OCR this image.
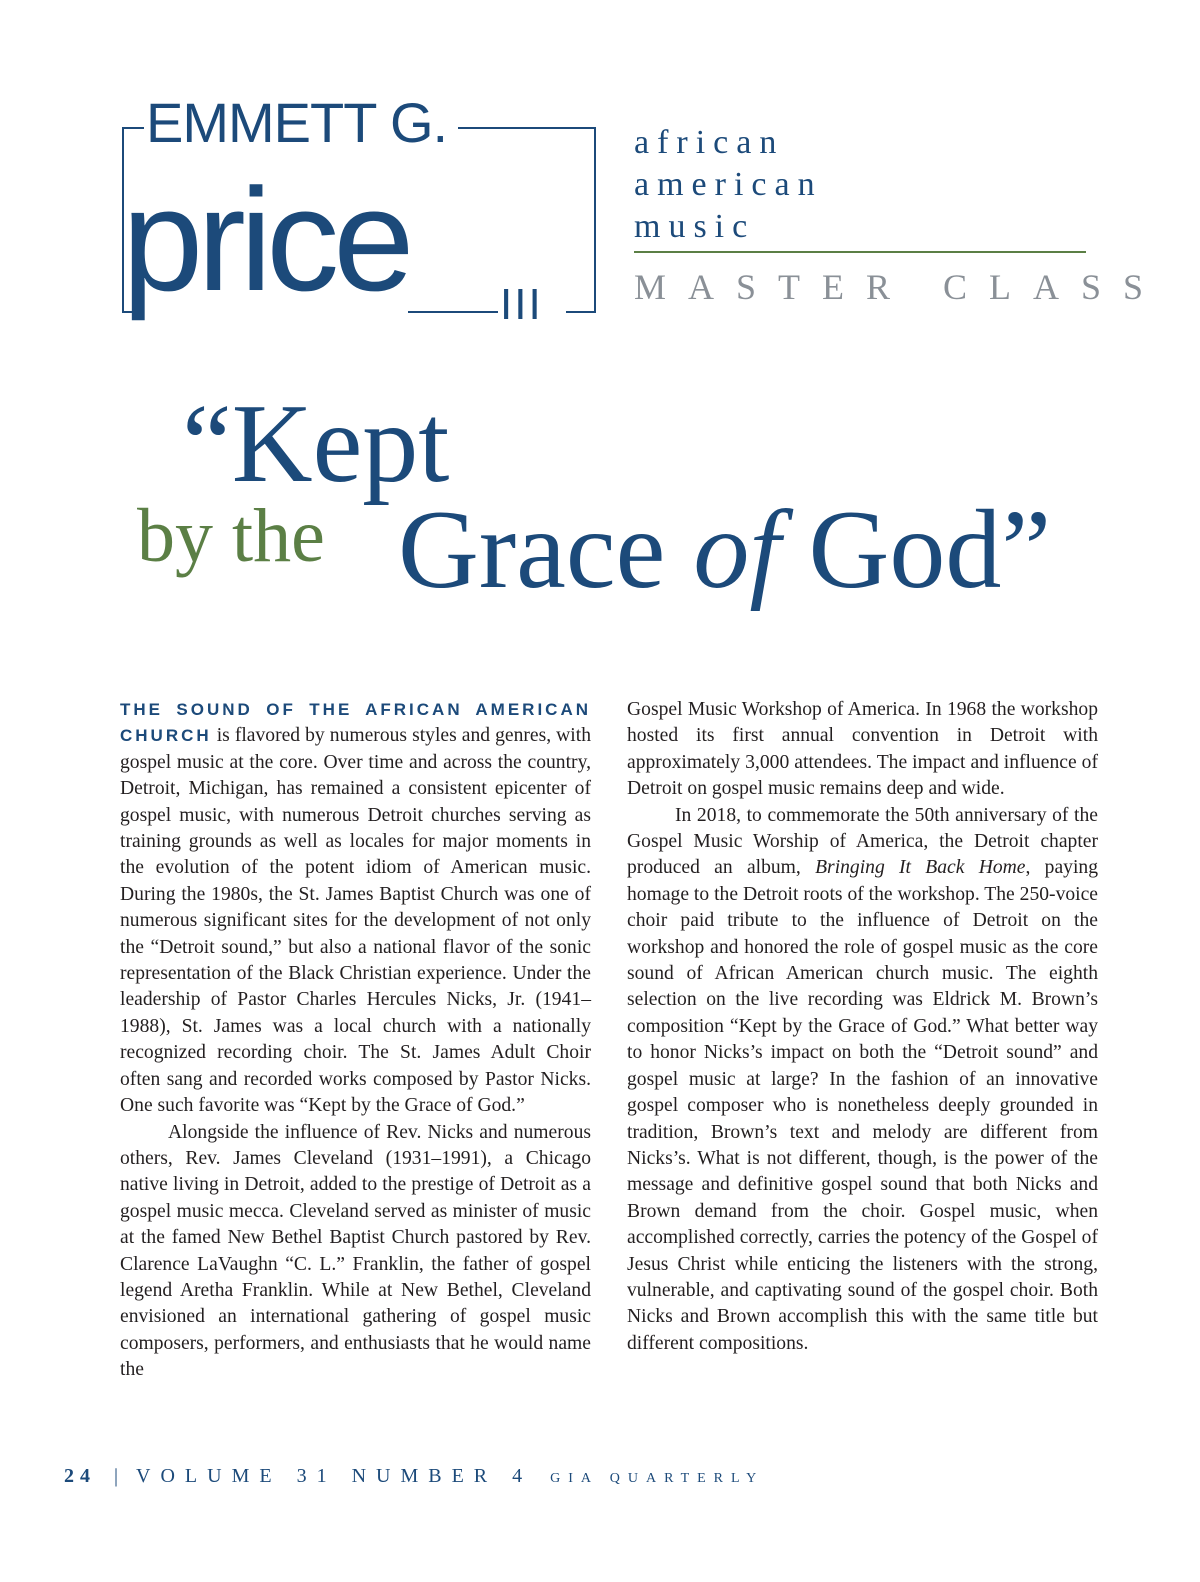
EMMETT G.
price III
african
american
music
MASTER CLASS
“Kept
by the Grace of God”

THE SOUND OF THE AFRICAN AMERICAN CHURCH is flavored by numerous styles and genres, with gospel music at the core. Over time and across the country, Detroit, Michigan, has remained a consistent epicenter of gospel music, with numerous Detroit churches serving as training grounds as well as locales for major moments in the evolution of the potent idiom of American music. During the 1980s, the St. James Baptist Church was one of numerous significant sites for the development of not only the “Detroit sound,” but also a national flavor of the sonic representation of the Black Christian experience. Under the leadership of Pastor Charles Hercules Nicks, Jr. (1941–1988), St. James was a local church with a nationally recognized recording choir. The St. James Adult Choir often sang and recorded works composed by Pastor Nicks. One such favorite was “Kept by the Grace of God.”

Alongside the influence of Rev. Nicks and numerous others, Rev. James Cleveland (1931–1991), a Chicago native living in Detroit, added to the prestige of Detroit as a gospel music mecca. Cleveland served as minister of music at the famed New Bethel Baptist Church pastored by Rev. Clarence LaVaughn “C. L.” Franklin, the father of gospel legend Aretha Franklin. While at New Bethel, Cleveland envisioned an international gathering of gospel music composers, performers, and enthusiasts that he would name the

Gospel Music Workshop of America. In 1968 the workshop hosted its first annual convention in Detroit with approximately 3,000 attendees. The impact and influence of Detroit on gospel music remains deep and wide.

In 2018, to commemorate the 50th anniversary of the Gospel Music Worship of America, the Detroit chapter produced an album, Bringing It Back Home, paying homage to the Detroit roots of the workshop. The 250-voice choir paid tribute to the influence of Detroit on the workshop and honored the role of gospel music as the core sound of African American church music. The eighth selection on the live recording was Eldrick M. Brown’s composition “Kept by the Grace of God.” What better way to honor Nicks’s impact on both the “Detroit sound” and gospel music at large? In the fashion of an innovative gospel composer who is nonetheless deeply grounded in tradition, Brown’s text and melody are different from Nicks’s. What is not different, though, is the power of the message and definitive gospel sound that both Nicks and Brown demand from the choir. Gospel music, when accomplished correctly, carries the potency of the Gospel of Jesus Christ while enticing the listeners with the strong, vulnerable, and captivating sound of the gospel choir. Both Nicks and Brown accomplish this with the same title but different compositions.

24 | VOLUME 31 NUMBER 4 GIA QUARTERLY
